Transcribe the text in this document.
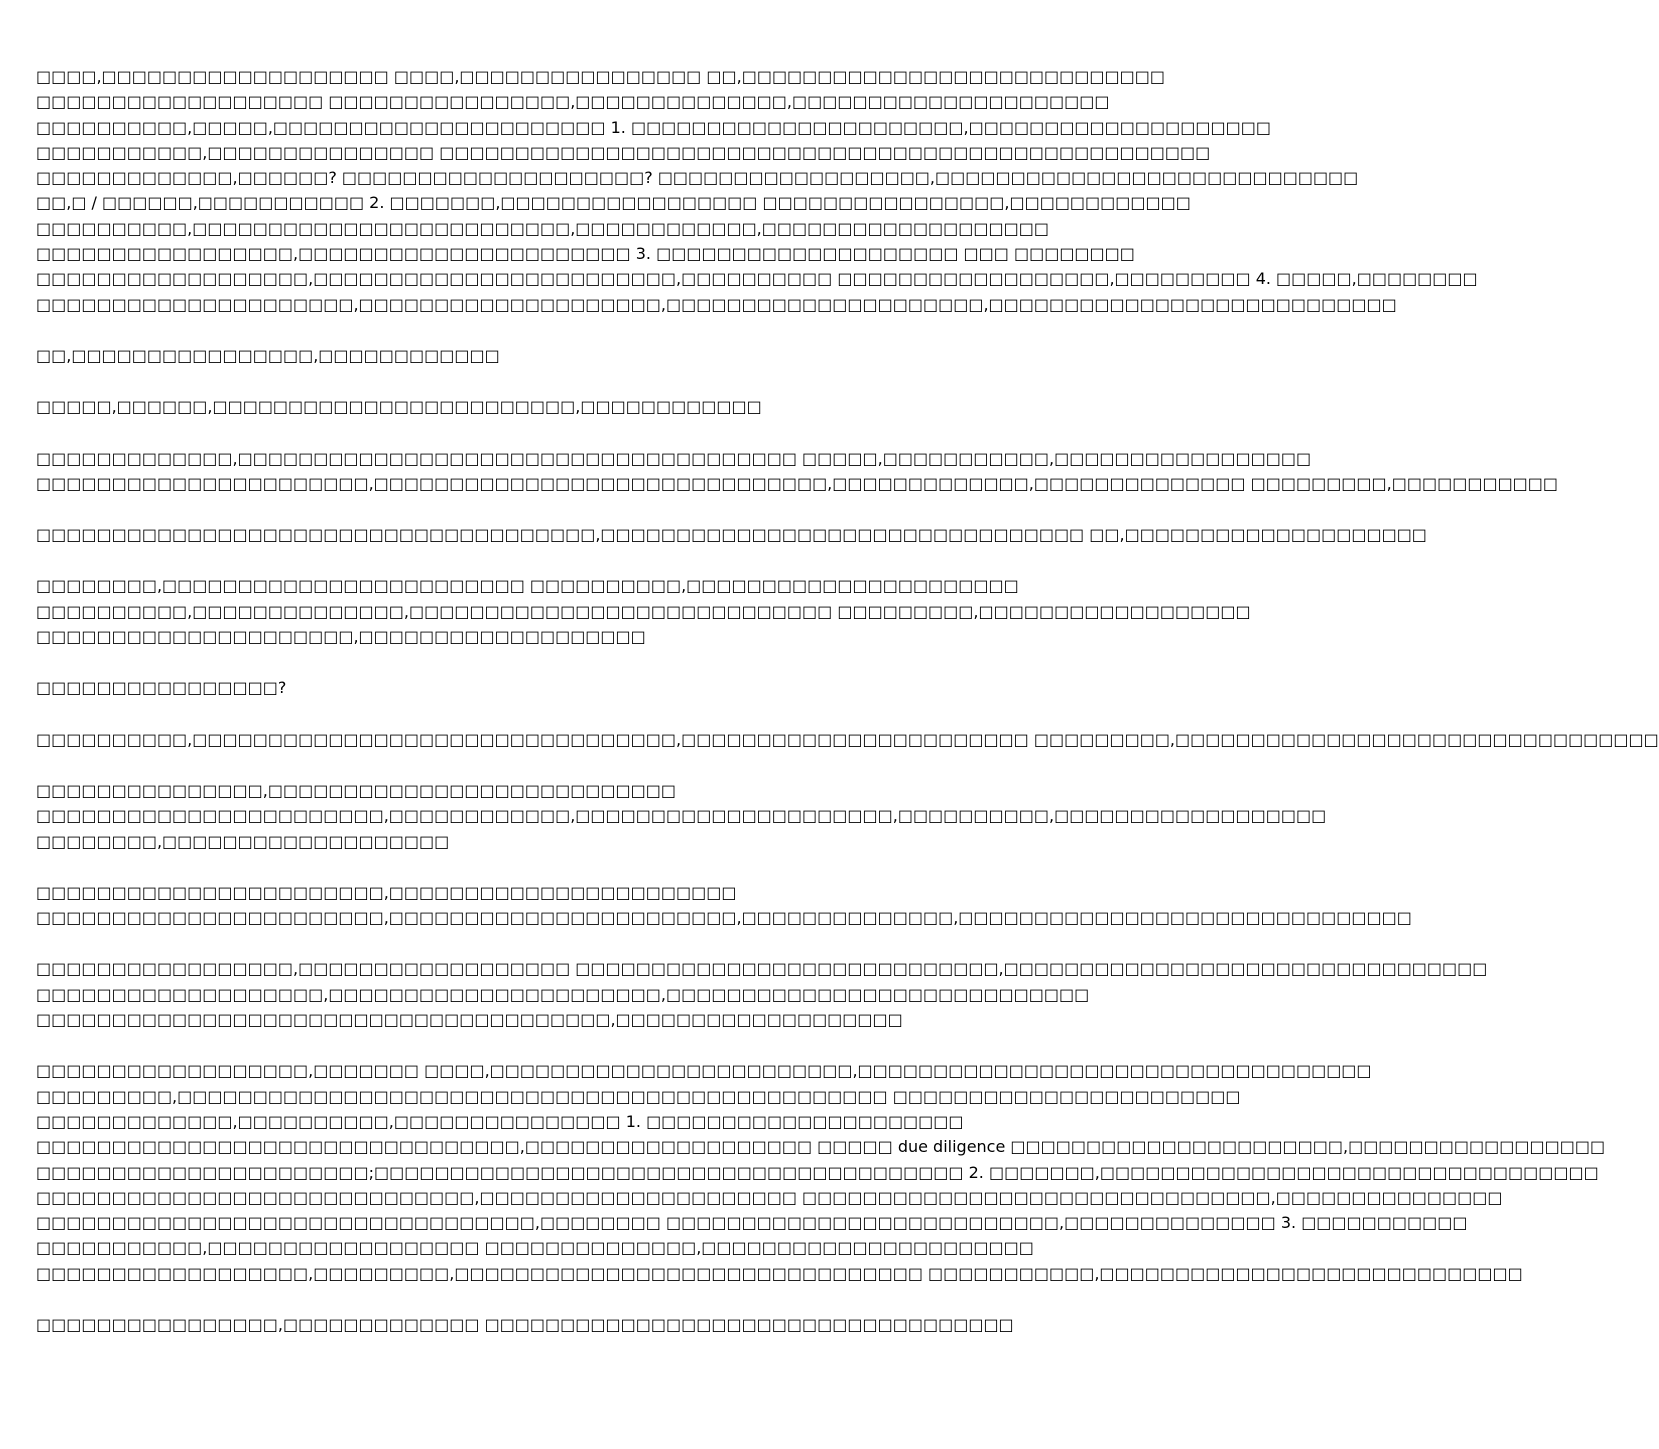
□□□□,□□□□□□□□□□□□□□□□□□□ □□□□,□□□□□□□□□□□□□□□□ □□,□□□□□□□□□□□□□□□□□□□□□□□□□□□□
□□□□□□□□□□□□□□□□□□□ □□□□□□□□□□□□□□□□,□□□□□□□□□□□□□□,□□□□□□□□□□□□□□□□□□□□□
□□□□□□□□□□,□□□□□,□□□□□□□□□□□□□□□□□□□□□□ 1. □□□□□□□□□□□□□□□□□□□□□□,□□□□□□□□□□□□□□□□□□□□
□□□□□□□□□□□,□□□□□□□□□□□□□□□ □□□□□□□□□□□□□□□□□□□□□□□□□□□□□□□□□□□□□□□□□□□□□□□□□□□
□□□□□□□□□□□□□,□□□□□□? □□□□□□□□□□□□□□□□□□□□? □□□□□□□□□□□□□□□□□□,□□□□□□□□□□□□□□□□□□□□□□□□□□□□
□□,□ / □□□□□□,□□□□□□□□□□□ 2. □□□□□□□,□□□□□□□□□□□□□□□□□ □□□□□□□□□□□□□□□□,□□□□□□□□□□□□
□□□□□□□□□□,□□□□□□□□□□□□□□□□□□□□□□□□□,□□□□□□□□□□□□,□□□□□□□□□□□□□□□□□□□
□□□□□□□□□□□□□□□□□,□□□□□□□□□□□□□□□□□□□□□□ 3. □□□□□□□□□□□□□□□□□□□□ □□□ □□□□□□□□
□□□□□□□□□□□□□□□□□□,□□□□□□□□□□□□□□□□□□□□□□□□,□□□□□□□□□□ □□□□□□□□□□□□□□□□□□,□□□□□□□□□ 4. □□□□□,□□□□□□□□
□□□□□□□□□□□□□□□□□□□□□,□□□□□□□□□□□□□□□□□□□□,□□□□□□□□□□□□□□□□□□□□□,□□□□□□□□□□□□□□□□□□□□□□□□□□□
□□,□□□□□□□□□□□□□□□□,□□□□□□□□□□□□
□□□□□,□□□□□□,□□□□□□□□□□□□□□□□□□□□□□□□,□□□□□□□□□□□□
□□□□□□□□□□□□□,□□□□□□□□□□□□□□□□□□□□□□□□□□□□□□□□□□□□□ □□□□□,□□□□□□□□□□□,□□□□□□□□□□□□□□□□□
□□□□□□□□□□□□□□□□□□□□□□,□□□□□□□□□□□□□□□□□□□□□□□□□□□□□□,□□□□□□□□□□□□□,□□□□□□□□□□□□□□ □□□□□□□□□,□□□□□□□□□□□
□□□□□□□□□□□□□□□□□□□□□□□□□□□□□□□□□□□□□,□□□□□□□□□□□□□□□□□□□□□□□□□□□□□□□□ □□,□□□□□□□□□□□□□□□□□□□□
□□□□□□□□,□□□□□□□□□□□□□□□□□□□□□□□□ □□□□□□□□□□,□□□□□□□□□□□□□□□□□□□□□□
□□□□□□□□□□,□□□□□□□□□□□□□□,□□□□□□□□□□□□□□□□□□□□□□□□□□□□ □□□□□□□□□,□□□□□□□□□□□□□□□□□□
□□□□□□□□□□□□□□□□□□□□□,□□□□□□□□□□□□□□□□□□□
□□□□□□□□□□□□□□□□?
□□□□□□□□□□,□□□□□□□□□□□□□□□□□□□□□□□□□□□□□□□□,□□□□□□□□□□□□□□□□□□□□□□□ □□□□□□□□□,□□□□□□□□□□□□□□□□□□□□□□□□□□□□□□□□
□□□□□□□□□□□□□□□,□□□□□□□□□□□□□□□□□□□□□□□□□□□
□□□□□□□□□□□□□□□□□□□□□□□,□□□□□□□□□□□□,□□□□□□□□□□□□□□□□□□□□□,□□□□□□□□□□,□□□□□□□□□□□□□□□□□□
□□□□□□□□,□□□□□□□□□□□□□□□□□□□
□□□□□□□□□□□□□□□□□□□□□□□,□□□□□□□□□□□□□□□□□□□□□□□
□□□□□□□□□□□□□□□□□□□□□□□,□□□□□□□□□□□□□□□□□□□□□□□,□□□□□□□□□□□□□□,□□□□□□□□□□□□□□□□□□□□□□□□□□□□□□
□□□□□□□□□□□□□□□□□,□□□□□□□□□□□□□□□□□□ □□□□□□□□□□□□□□□□□□□□□□□□□□□□,□□□□□□□□□□□□□□□□□□□□□□□□□□□□□□□□
□□□□□□□□□□□□□□□□□□□,□□□□□□□□□□□□□□□□□□□□□□,□□□□□□□□□□□□□□□□□□□□□□□□□□□□
□□□□□□□□□□□□□□□□□□□□□□□□□□□□□□□□□□□□□□,□□□□□□□□□□□□□□□□□□□
□□□□□□□□□□□□□□□□□□,□□□□□□□ □□□□,□□□□□□□□□□□□□□□□□□□□□□□□,□□□□□□□□□□□□□□□□□□□□□□□□□□□□□□□□□□
□□□□□□□□□,□□□□□□□□□□□□□□□□□□□□□□□□□□□□□□□□□□□□□□□□□□□□□□□ □□□□□□□□□□□□□□□□□□□□□□□
□□□□□□□□□□□□□,□□□□□□□□□□,□□□□□□□□□□□□□□□ 1. □□□□□□□□□□□□□□□□□□□□□
□□□□□□□□□□□□□□□□□□□□□□□□□□□□□□□□,□□□□□□□□□□□□□□□□□□□ □□□□□ due diligence □□□□□□□□□□□□□□□□□□□□□□,□□□□□□□□□□□□□□□□□
□□□□□□□□□□□□□□□□□□□□□□;□□□□□□□□□□□□□□□□□□□□□□□□□□□□□□□□□□□□□□□ 2. □□□□□□□,□□□□□□□□□□□□□□□□□□□□□□□□□□□□□□□□□
□□□□□□□□□□□□□□□□□□□□□□□□□□□□□,□□□□□□□□□□□□□□□□□□□□□ □□□□□□□□□□□□□□□□□□□□□□□□□□□□□□□,□□□□□□□□□□□□□□□
□□□□□□□□□□□□□□□□□□□□□□□□□□□□□□□□□,□□□□□□□□ □□□□□□□□□□□□□□□□□□□□□□□□□□,□□□□□□□□□□□□□□ 3. □□□□□□□□□□□
□□□□□□□□□□□,□□□□□□□□□□□□□□□□□□ □□□□□□□□□□□□□□,□□□□□□□□□□□□□□□□□□□□□□
□□□□□□□□□□□□□□□□□□,□□□□□□□□□,□□□□□□□□□□□□□□□□□□□□□□□□□□□□□□□ □□□□□□□□□□□,□□□□□□□□□□□□□□□□□□□□□□□□□□□□
□□□□□□□□□□□□□□□□,□□□□□□□□□□□□□ □□□□□□□□□□□□□□□□□□□□□□□□□□□□□□□□□□□
